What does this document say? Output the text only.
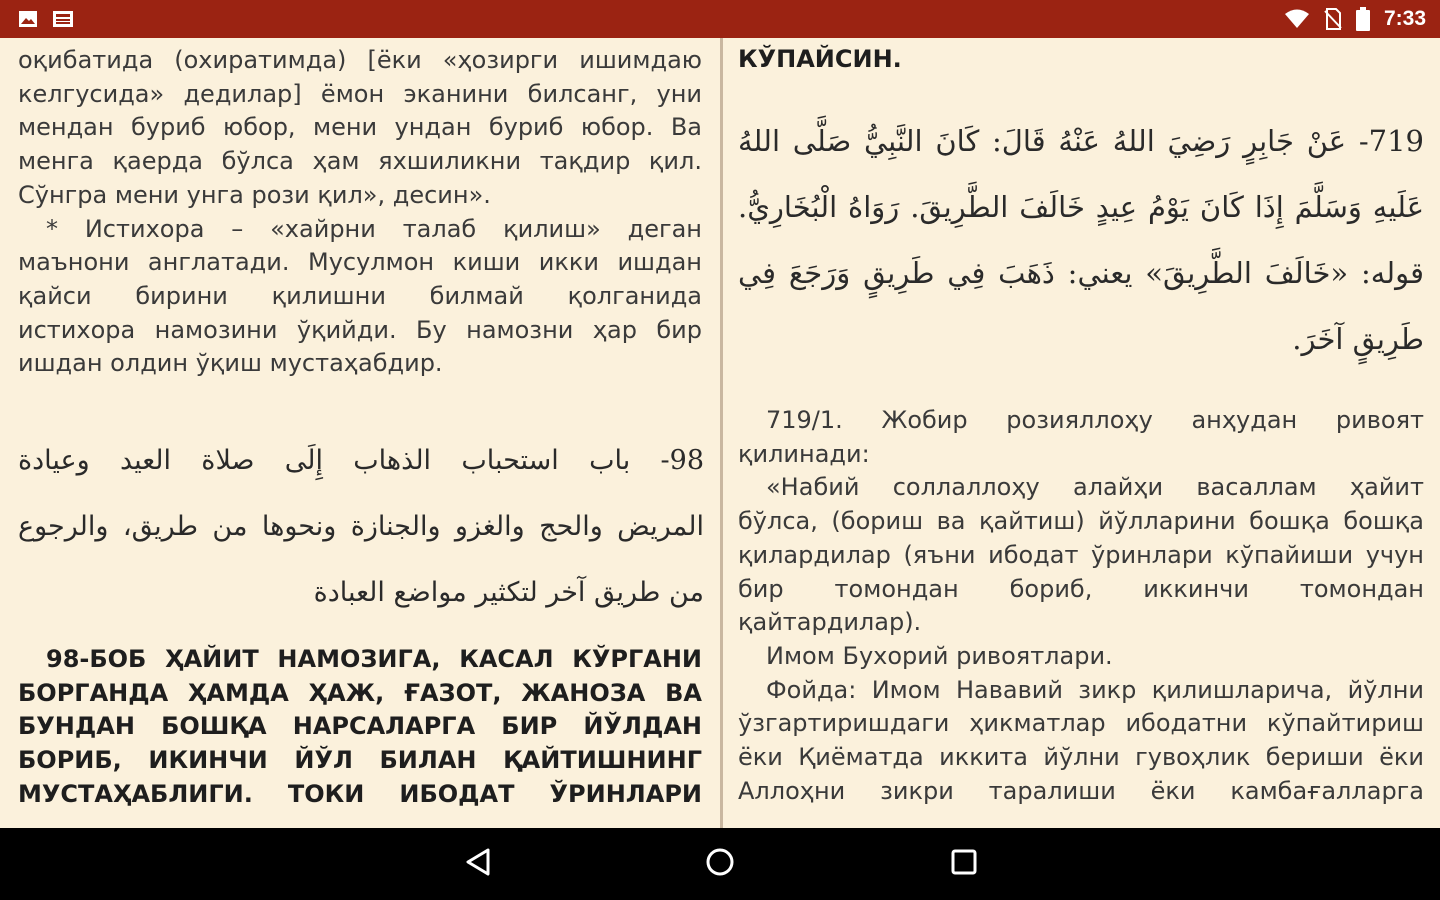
7:33
оқибатида (охиратимда) [ёки «ҳозирги ишимдаю
келгусида» дедилар] ёмон эканини билсанг, уни
мендан буриб юбор, мени ундан буриб юбор. Ва
менга қаерда бўлса ҳам яхшиликни тақдир қил.
Сўнгра мени унга рози қил», десин».
* Истихора – «хайрни талаб қилиш» деган
маънони англатади. Мусулмон киши икки ишдан
қайси бирини қилишни билмай қолганида
истихора намозини ўқийди. Бу намозни ҳар бир
ишдан олдин ўқиш мустаҳабдир.
98- باب استحباب الذهاب إِلَى صلاة العيد وعيادة
المريض والحج والغزو والجنازة ونحوها من طريق، والرجوع
من طريق آخر لتكثير مواضع العبادة
98-БОБ ҲАЙИТ НАМОЗИГА, КАСАЛ КЎРГАНИ
БОРГАНДА ҲАМДА ҲАЖ, ҒАЗОТ, ЖАНОЗА ВА
БУНДАН БОШҚА НАРСАЛАРГА БИР ЙЎЛДАН
БОРИБ, ИКИНЧИ ЙЎЛ БИЛАН ҚАЙТИШНИНГ
МУСТАҲАБЛИГИ. ТОКИ ИБОДАТ ЎРИНЛАРИ
КЎПАЙСИН.
719- عَنْ جَابِرٍ رَضِيَ اللهُ عَنْهُ قَالَ: كَانَ النَّبِيُّ صَلَّى اللهُ
عَلَيهِ وَسَلَّمَ إِذَا كَانَ يَوْمُ عِيدٍ خَالَفَ الطَّرِيقَ. رَوَاهُ الْبُخَارِيُّ.
قوله: «خَالَفَ الطَّرِيقَ» يعني: ذَهَبَ فِي طَرِيقٍ وَرَجَعَ فِي
طَرِيقٍ آخَرَ.
719/1. Жобир розияллоҳу анҳудан ривоят
қилинади:
«Набий соллаллоҳу алайҳи васаллам ҳайит
бўлса, (бориш ва қайтиш) йўлларини бошқа бошқа
қилардилар (яъни ибодат ўринлари кўпайиши учун
бир томондан бориб, иккинчи томондан
қайтардилар).
Имом Бухорий ривоятлари.
Фойда: Имом Нававий зикр қилишларича, йўлни
ўзгартиришдаги ҳикматлар ибодатни кўпайтириш
ёки Қиёматда иккита йўлни гувоҳлик бериши ёки
Аллоҳни зикри таралиши ёки камбағалларга
